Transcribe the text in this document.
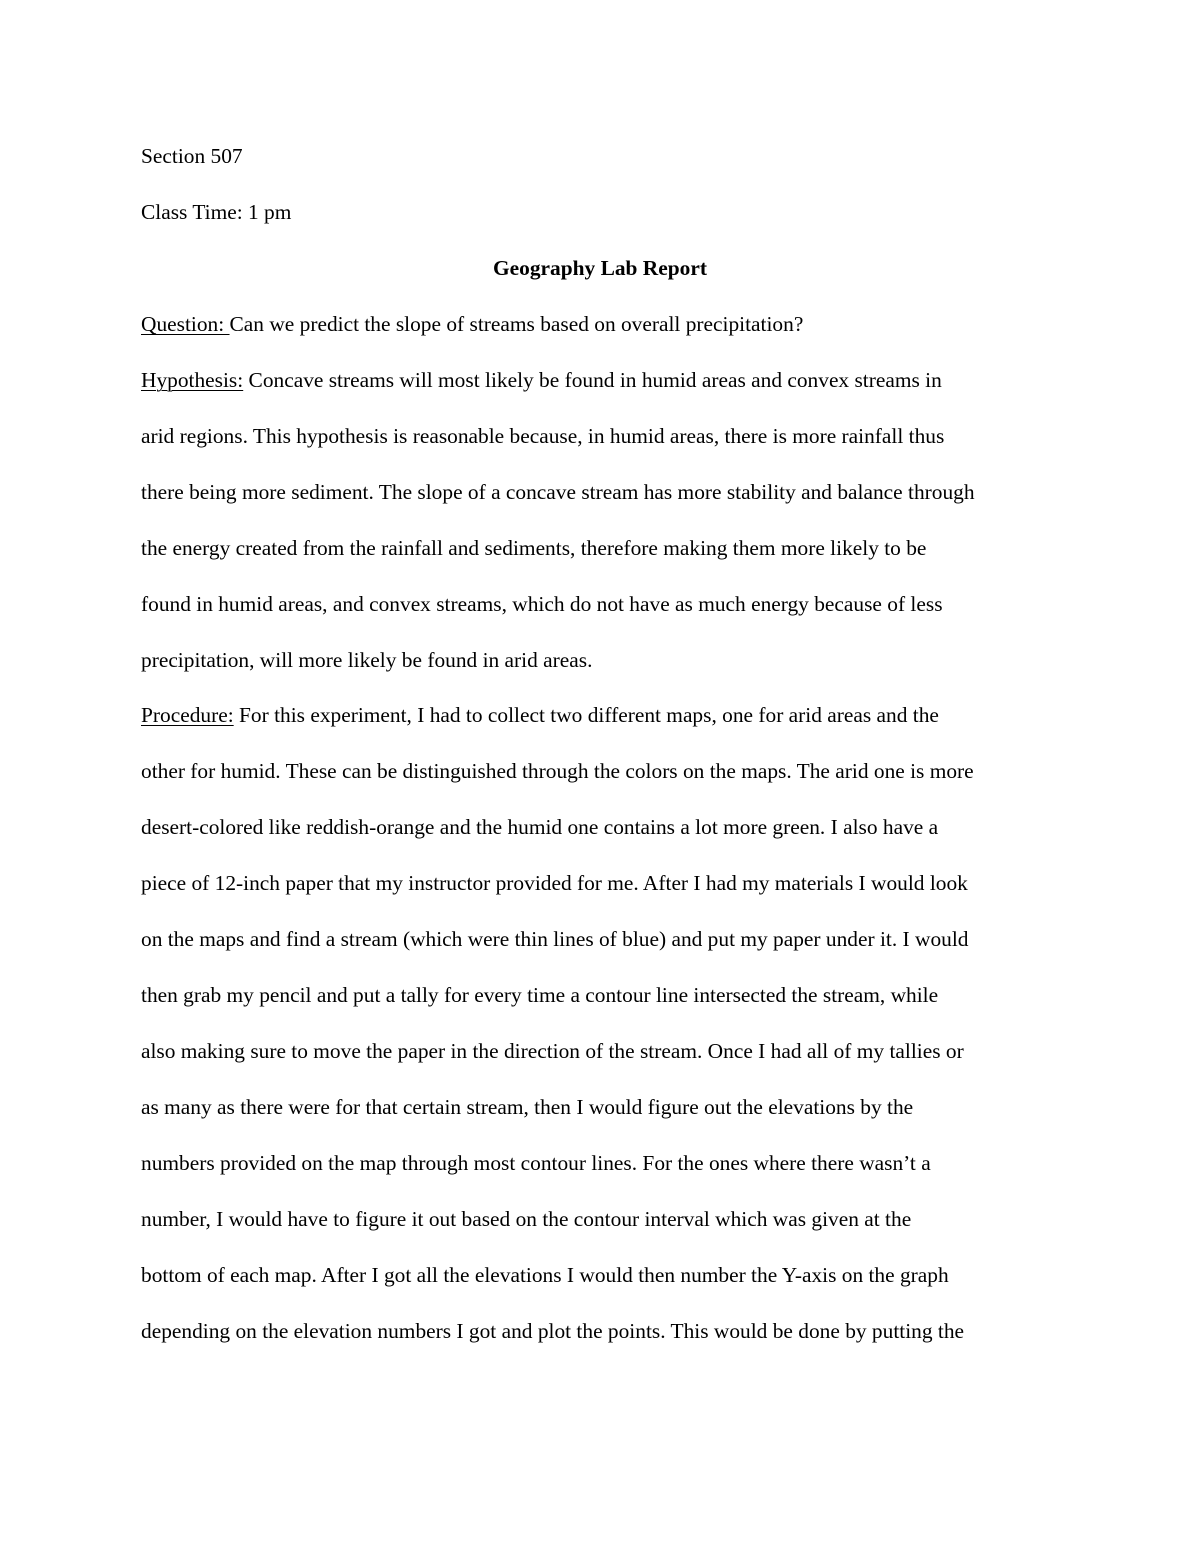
Section 507
Class Time: 1 pm
Geography Lab Report
Question: Can we predict the slope of streams based on overall precipitation?
Hypothesis: Concave streams will most likely be found in humid areas and convex streams in
arid regions. This hypothesis is reasonable because, in humid areas, there is more rainfall thus
there being more sediment. The slope of a concave stream has more stability and balance through
the energy created from the rainfall and sediments, therefore making them more likely to be
found in humid areas, and convex streams, which do not have as much energy because of less
precipitation, will more likely be found in arid areas.
Procedure: For this experiment, I had to collect two different maps, one for arid areas and the
other for humid. These can be distinguished through the colors on the maps. The arid one is more
desert-colored like reddish-orange and the humid one contains a lot more green. I also have a
piece of 12-inch paper that my instructor provided for me. After I had my materials I would look
on the maps and find a stream (which were thin lines of blue) and put my paper under it. I would
then grab my pencil and put a tally for every time a contour line intersected the stream, while
also making sure to move the paper in the direction of the stream. Once I had all of my tallies or
as many as there were for that certain stream, then I would figure out the elevations by the
numbers provided on the map through most contour lines. For the ones where there wasn’t a
number, I would have to figure it out based on the contour interval which was given at the
bottom of each map. After I got all the elevations I would then number the Y-axis on the graph
depending on the elevation numbers I got and plot the points. This would be done by putting the
